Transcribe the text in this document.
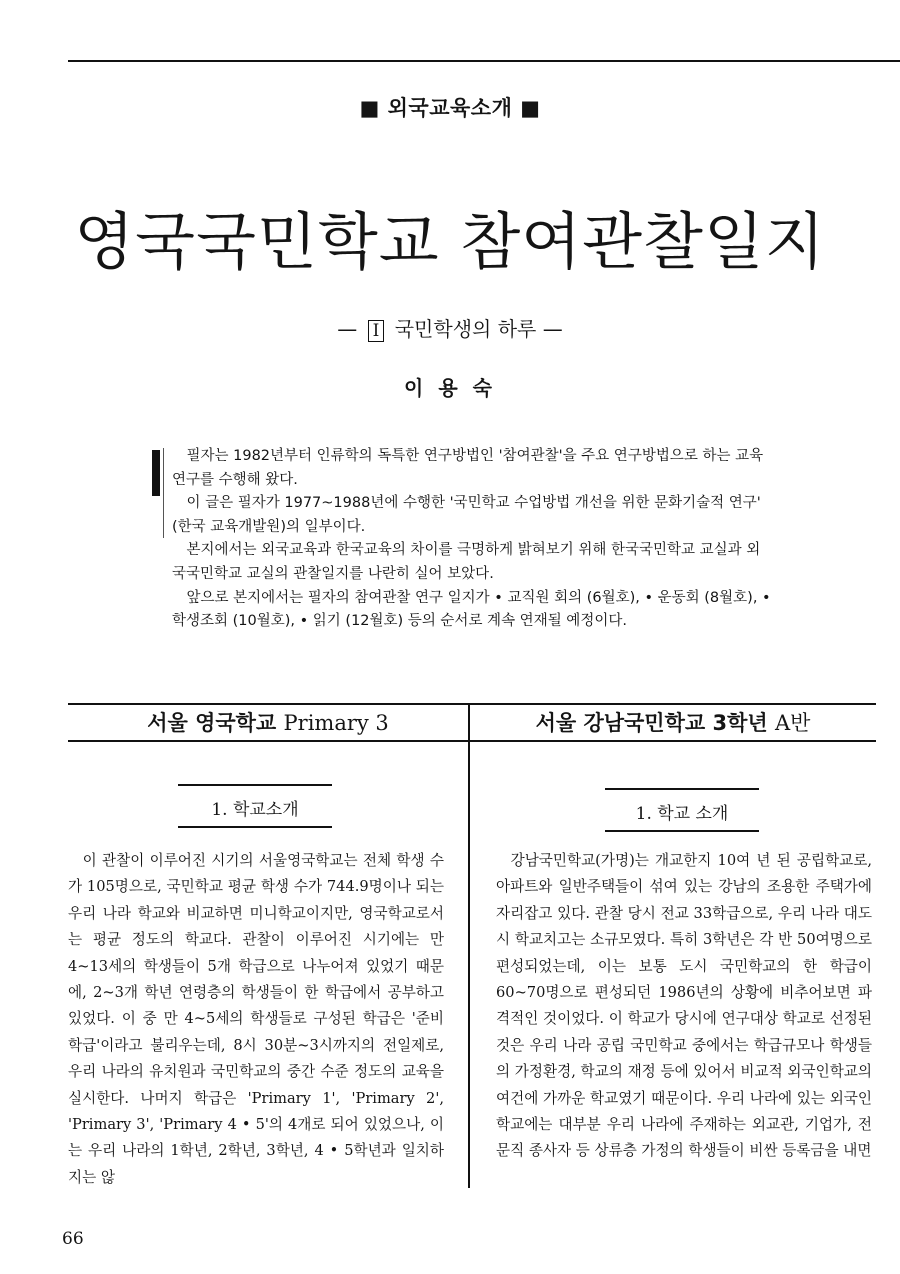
■ 외국교육소개 ■
영국국민학교 참여관찰일지
— I 국민학생의 하루 —
이 용 숙

필자는 1982년부터 인류학의 독특한 연구방법인 '참여관찰'을 주요 연구방법으로 하는 교육연구를 수행해 왔다.

이 글은 필자가 1977~1988년에 수행한 '국민학교 수업방법 개선을 위한 문화기술적 연구' (한국 교육개발원)의 일부이다.

본지에서는 외국교육과 한국교육의 차이를 극명하게 밝혀보기 위해 한국국민학교 교실과 외국국민학교 교실의 관찰일지를 나란히 실어 보았다.

앞으로 본지에서는 필자의 참여관찰 연구 일지가 • 교직원 회의 (6월호), • 운동회 (8월호), • 학생조회 (10월호), • 읽기 (12월호) 등의 순서로 계속 연재될 예정이다.

서울 영국학교 Primary 3	서울 강남국민학교 3학년 A반
1. 학교소개	1. 학교 소개

이 관찰이 이루어진 시기의 서울영국학교는 전체 학생 수가 105명으로, 국민학교 평균 학생 수가 744.9명이나 되는 우리 나라 학교와 비교하면 미니학교이지만, 영국학교로서는 평균 정도의 학교다. 관찰이 이루어진 시기에는 만 4~13세의 학생들이 5개 학급으로 나누어져 있었기 때문에, 2~3개 학년 연령층의 학생들이 한 학급에서 공부하고 있었다. 이 중 만 4~5세의 학생들로 구성된 학급은 '준비 학급'이라고 불리우는데, 8시 30분~3시까지의 전일제로, 우리 나라의 유치원과 국민학교의 중간 수준 정도의 교육을 실시한다. 나머지 학급은 'Primary 1', 'Primary 2', 'Primary 3', 'Primary 4 • 5'의 4개로 되어 있었으나, 이는 우리 나라의 1학년, 2학년, 3학년, 4 • 5학년과 일치하지는 않

강남국민학교(가명)는 개교한지 10여 년 된 공립학교로, 아파트와 일반주택들이 섞여 있는 강남의 조용한 주택가에 자리잡고 있다. 관찰 당시 전교 33학급으로, 우리 나라 대도시 학교치고는 소규모였다. 특히 3학년은 각 반 50여명으로 편성되었는데, 이는 보통 도시 국민학교의 한 학급이 60~70명으로 편성되던 1986년의 상황에 비추어보면 파격적인 것이었다. 이 학교가 당시에 연구대상 학교로 선정된 것은 우리 나라 공립 국민학교 중에서는 학급규모나 학생들의 가정환경, 학교의 재정 등에 있어서 비교적 외국인학교의 여건에 가까운 학교였기 때문이다. 우리 나라에 있는 외국인학교에는 대부분 우리 나라에 주재하는 외교관, 기업가, 전문직 종사자 등 상류층 가정의 학생들이 비싼 등록금을 내면

66
